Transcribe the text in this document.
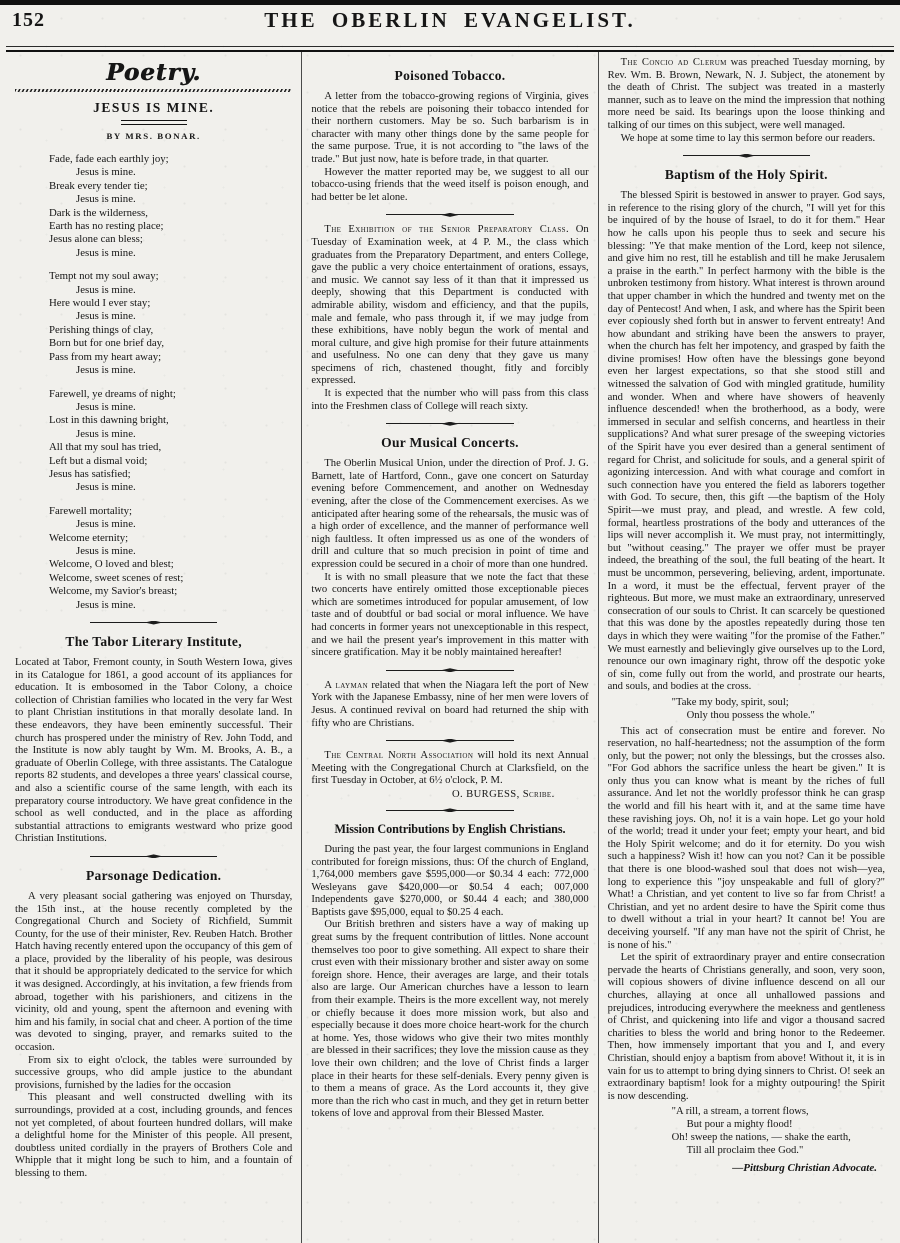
152	THE OBERLIN EVANGELIST.
Poetry.
JESUS IS MINE.
BY MRS. BONAR.
Fade, fade each earthly joy;
Jesus is mine.
Break every tender tie;
Jesus is mine.
Dark is the wilderness,
Earth has no resting place;
Jesus alone can bless;
Jesus is mine.
Tempt not my soul away;
Jesus is mine.
Here would I ever stay;
Jesus is mine.
Perishing things of clay,
Born but for one brief day,
Pass from my heart away;
Jesus is mine.
Farewell, ye dreams of night;
Jesus is mine.
Lost in this dawning bright,
Jesus is mine.
All that my soul has tried,
Left but a dismal void;
Jesus has satisfied;
Jesus is mine.
Farewell mortality;
Jesus is mine.
Welcome eternity;
Jesus is mine.
Welcome, O loved and blest;
Welcome, sweet scenes of rest;
Welcome, my Savior's breast;
Jesus is mine.
The Tabor Literary Institute,

Located at Tabor, Fremont county, in South Western Iowa, gives in its Catalogue for 1861, a good account of its appliances for education. It is embosomed in the Tabor Colony, a choice collection of Christian families who located in the very far West to plant Christian institutions in that morally desolate land. In these endeavors, they have been eminently successful. Their church has prospered under the ministry of Rev. John Todd, and the Institute is now ably taught by Wm. M. Brooks, A. B., a graduate of Oberlin College, with three assistants. The Catalogue reports 82 students, and developes a three years' classical course, and also a scientific course of the same length, with each its preparatory course introductory. We have great confidence in the school as well conducted, and in the place as affording substantial attractions to emigrants westward who prize good Christian Institutions.

Parsonage Dedication.

A very pleasant social gathering was enjoyed on Thursday, the 15th inst., at the house recently completed by the Congregational Church and Society of Richfield, Summit County, for the use of their minister, Rev. Reuben Hatch. Brother Hatch having recently entered upon the occupancy of this gem of a place, provided by the liberality of his people, was desirous that it should be appropriately dedicated to the service for which it was designed. Accordingly, at his invitation, a few friends from abroad, together with his parishioners, and citizens in the vicinity, old and young, spent the afternoon and evening with him and his family, in social chat and cheer. A portion of the time was devoted to singing, prayer, and remarks suited to the occasion.

From six to eight o'clock, the tables were surrounded by successive groups, who did ample justice to the abundant provisions, furnished by the ladies for the occasion

This pleasant and well constructed dwelling with its surroundings, provided at a cost, including grounds, and fences not yet completed, of about fourteen hundred dollars, will make a delightful home for the Minister of this people. All present, doubtless united cordially in the prayers of Brothers Cole and Whipple that it might long be such to him, and a fountain of blessing to them.

Poisoned Tobacco.

A letter from the tobacco-growing regions of Virginia, gives notice that the rebels are poisoning their tobacco intended for their northern customers. May be so. Such barbarism is in character with many other things done by the same people for the same purpose. True, it is not according to "the laws of the trade." But just now, hate is before trade, in that quarter.

However the matter reported may be, we suggest to all our tobacco-using friends that the weed itself is poison enough, and had better be let alone.

The Exhibition of the Senior Preparatory Class. On Tuesday of Examination week, at 4 P. M., the class which graduates from the Preparatory Department, and enters College, gave the public a very choice entertainment of orations, essays, and music. We cannot say less of it than that it impressed us deeply, showing that this Department is conducted with admirable ability, wisdom and efficiency, and that the pupils, male and female, who pass through it, if we may judge from these exhibitions, have nobly begun the work of mental and moral culture, and give high promise for their future attainments and usefulness. No one can deny that they gave us many specimens of rich, chastened thought, fitly and forcibly expressed.

It is expected that the number who will pass from this class into the Freshmen class of College will reach sixty.

Our Musical Concerts.

The Oberlin Musical Union, under the direction of Prof. J. G. Barnett, late of Hartford, Conn., gave one concert on Saturday evening before Commencement, and another on Wednesday evening, after the close of the Commencement exercises. As we anticipated after hearing some of the rehearsals, the music was of a high order of excellence, and the manner of performance well nigh faultless. It often impressed us as one of the wonders of drill and culture that so much precision in point of time and expression could be secured in a choir of more than one hundred.

It is with no small pleasure that we note the fact that these two concerts have entirely omitted those exceptionable pieces which are sometimes introduced for popular amusement, of low taste and of doubtful or bad social or moral influence. We have had concerts in former years not unexceptionable in this respect, and we hail the present year's improvement in this matter with sincere gratification. May it be nobly maintained hereafter!

A layman related that when the Niagara left the port of New York with the Japanese Embassy, nine of her men were lovers of Jesus. A continued revival on board had returned the ship with fifty who are Christians.

The Central North Association will hold its next Annual Meeting with the Congregational Church at Clarksfield, on the first Tuesday in October, at 6½ o'clock, P. M.

O. BURGESS, Scribe.
Mission Contributions by English Christians.

During the past year, the four largest communions in England contributed for foreign missions, thus: Of the church of England, 1,764,000 members gave $595,000—or $0.34 4 each: 772,000 Wesleyans gave $420,000—or $0.54 4 each; 007,000 Independents gave $270,000, or $0.44 4 each; and 380,000 Baptists gave $95,000, equal to $0.25 4 each.

Our British brethren and sisters have a way of making up great sums by the frequent contribution of littles. None account themselves too poor to give something. All expect to share their crust even with their missionary brother and sister away on some foreign shore. Hence, their averages are large, and their totals also are large. Our American churches have a lesson to learn from their example. Theirs is the more excellent way, not merely or chiefly because it does more mission work, but also and especially because it does more choice heart-work for the church at home. Yes, those widows who give their two mites monthly are blessed in their sacrifices; they love the mission cause as they love their own children; and the love of Christ finds a larger place in their hearts for these self-denials. Every penny given is to them a means of grace. As the Lord accounts it, they give more than the rich who cast in much, and they get in return better tokens of love and approval from their Blessed Master.

The Concio ad Clerum was preached Tuesday morning, by Rev. Wm. B. Brown, Newark, N. J. Subject, the atonement by the death of Christ. The subject was treated in a masterly manner, such as to leave on the mind the impression that nothing more need be said. Its bearings upon the loose thinking and talking of our times on this subject, were well managed.

We hope at some time to lay this sermon before our readers.

Baptism of the Holy Spirit.

The blessed Spirit is bestowed in answer to prayer. God says, in reference to the rising glory of the church, "I will yet for this be inquired of by the house of Israel, to do it for them." Hear how he calls upon his people thus to seek and secure his blessing: "Ye that make mention of the Lord, keep not silence, and give him no rest, till he establish and till he make Jerusalem a praise in the earth." In perfect harmony with the bible is the unbroken testimony from history. What interest is thrown around that upper chamber in which the hundred and twenty met on the day of Pentecost! And when, I ask, and where has the Spirit been ever copiously shed forth but in answer to fervent entreaty! And how abundant and striking have been the answers to prayer, when the church has felt her impotency, and grasped by faith the divine promises! How often have the blessings gone beyond even her largest expectations, so that she stood still and witnessed the salvation of God with mingled gratitude, humility and wonder. When and where have showers of heavenly influence descended! when the brotherhood, as a body, were immersed in secular and selfish concerns, and heartless in their supplications? And what surer presage of the sweeping victories of the Spirit have you ever desired than a general sentiment of regard for Christ, and solicitude for souls, and a general spirit of agonizing intercession. And with what courage and comfort in such connection have you entered the field as laborers together with God. To secure, then, this gift —the baptism of the Holy Spirit—we must pray, and plead, and wrestle. A few cold, formal, heartless prostrations of the body and utterances of the lips will never accomplish it. We must pray, not intermittingly, but "without ceasing." The prayer we offer must be prayer indeed, the breathing of the soul, the full beating of the heart. It must be uncommon, persevering, believing, ardent, importunate. In a word, it must be the effectual, fervent prayer of the righteous. But more, we must make an extraordinary, unreserved consecration of our souls to Christ. It can scarcely be questioned that this was done by the apostles repeatedly during those ten days in which they were waiting "for the promise of the Father." We must earnestly and believingly give ourselves up to the Lord, renounce our own imaginary right, throw off the despotic yoke of sin, come fully out from the world, and prostrate our hearts, and souls, and bodies at the cross.

"Take my body, spirit, soul;
Only thou possess the whole."

This act of consecration must be entire and forever. No reservation, no half-heartedness; not the assumption of the form only, but the power; not only the blessings, but the crosses also. "For God abhors the sacrifice unless the heart be given." It is only thus you can know what is meant by the riches of full assurance. And let not the worldly professor think he can grasp the world and fill his heart with it, and at the same time have these ravishing joys. Oh, no! it is a vain hope. Let go your hold of the world; tread it under your feet; empty your heart, and bid the Holy Spirit welcome; and do it for eternity. Do you wish such a happiness? Wish it! how can you not? Can it be possible that there is one blood-washed soul that does not wish—yea, long to experience this "joy unspeakable and full of glory?" What! a Christian, and yet content to live so far from Christ! a Christian, and yet no ardent desire to have the Spirit come thus to dwell without a trial in your heart? It cannot be! You are deceiving yourself. "If any man have not the spirit of Christ, he is none of his."

Let the spirit of extraordinary prayer and entire consecration pervade the hearts of Christians generally, and soon, very soon, will copious showers of divine influence descend on all our churches, allaying at once all unhallowed passions and prejudices, introducing everywhere the meekness and gentleness of Christ, and quickening into life and vigor a thousand sacred charities to bless the world and bring honor to the Redeemer. Then, how immensely important that you and I, and every Christian, should enjoy a baptism from above! Without it, it is in vain for us to attempt to bring dying sinners to Christ. O! seek an extraordinary baptism! look for a mighty outpouring! the Spirit is now descending.

"A rill, a stream, a torrent flows,
But pour a mighty flood!
Oh! sweep the nations, — shake the earth,
Till all proclaim thee God."
—Pittsburg Christian Advocate.
